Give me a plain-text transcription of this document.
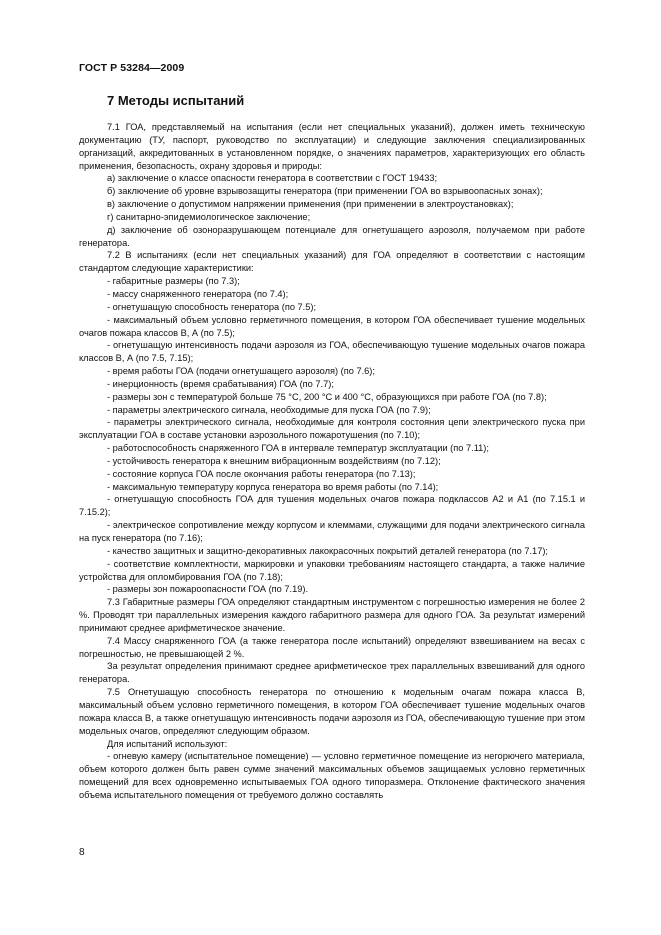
ГОСТ Р 53284—2009
7 Методы испытаний

7.1 ГОА, представляемый на испытания (если нет специальных указаний), должен иметь техническую документацию (ТУ, паспорт, руководство по эксплуатации) и следующие заключения специализированных организаций, аккредитованных в установленном порядке, о значениях параметров, характеризующих его область применения, безопасность, охрану здоровья и природы:

а) заключение о классе опасности генератора в соответствии с ГОСТ 19433;

б) заключение об уровне взрывозащиты генератора (при применении ГОА во взрывоопасных зонах);

в) заключение о допустимом напряжении применения (при применении в электроустановках);

г) санитарно-эпидемиологическое заключение;

д) заключение об озоноразрушающем потенциале для огнетушащего аэрозоля, получаемом при работе генератора.

7.2 В испытаниях (если нет специальных указаний) для ГОА определяют в соответствии с настоящим стандартом следующие характеристики:

- габаритные размеры (по 7.3);

- массу снаряженного генератора (по 7.4);

- огнетушащую способность генератора (по 7.5);

- максимальный объем условно герметичного помещения, в котором ГОА обеспечивает тушение модельных очагов пожара классов В, А (по 7.5);

- огнетушащую интенсивность подачи аэрозоля из ГОА, обеспечивающую тушение модельных очагов пожара классов В, А (по 7.5, 7.15);

- время работы ГОА (подачи огнетушащего аэрозоля) (по 7.6);

- инерционность (время срабатывания) ГОА (по 7.7);

- размеры зон с температурой больше 75 °С, 200 °С и 400 °С, образующихся при работе ГОА (по 7.8);

- параметры электрического сигнала, необходимые для пуска ГОА (по 7.9);

- параметры электрического сигнала, необходимые для контроля состояния цепи электрического пуска при эксплуатации ГОА в составе установки аэрозольного пожаротушения (по 7.10);

- работоспособность снаряженного ГОА в интервале температур эксплуатации (по 7.11);

- устойчивость генератора к внешним вибрационным воздействиям (по 7.12);

- состояние корпуса ГОА после окончания работы генератора (по 7.13);

- максимальную температуру корпуса генератора во время работы (по 7.14);

- огнетушащую способность ГОА для тушения модельных очагов пожара подклассов А2 и А1 (по 7.15.1 и 7.15.2);

- электрическое сопротивление между корпусом и клеммами, служащими для подачи электрического сигнала на пуск генератора (по 7.16);

- качество защитных и защитно-декоративных лакокрасочных покрытий деталей генератора (по 7.17);

- соответствие комплектности, маркировки и упаковки требованиям настоящего стандарта, а также наличие устройства для опломбирования ГОА (по 7.18);

- размеры зон пожароопасности ГОА (по 7.19).

7.3 Габаритные размеры ГОА определяют стандартным инструментом с погрешностью измерения не более 2 %. Проводят три параллельных измерения каждого габаритного размера для одного ГОА. За результат измерений принимают среднее арифметическое значение.

7.4 Массу снаряженного ГОА (а также генератора после испытаний) определяют взвешиванием на весах с погрешностью, не превышающей 2 %.

За результат определения принимают среднее арифметическое трех параллельных взвешиваний для одного генератора.

7.5 Огнетушащую способность генератора по отношению к модельным очагам пожара класса В, максимальный объем условно герметичного помещения, в котором ГОА обеспечивает тушение модельных очагов пожара класса В, а также огнетушащую интенсивность подачи аэрозоля из ГОА, обеспечивающую тушение при этом модельных очагов, определяют следующим образом.

Для испытаний используют:

- огневую камеру (испытательное помещение) — условно герметичное помещение из негорючего материала, объем которого должен быть равен сумме значений максимальных объемов защищаемых условно герметичных помещений для всех одновременно испытываемых ГОА одного типоразмера. Отклонение фактического значения объема испытательного помещения от требуемого должно составлять

8
